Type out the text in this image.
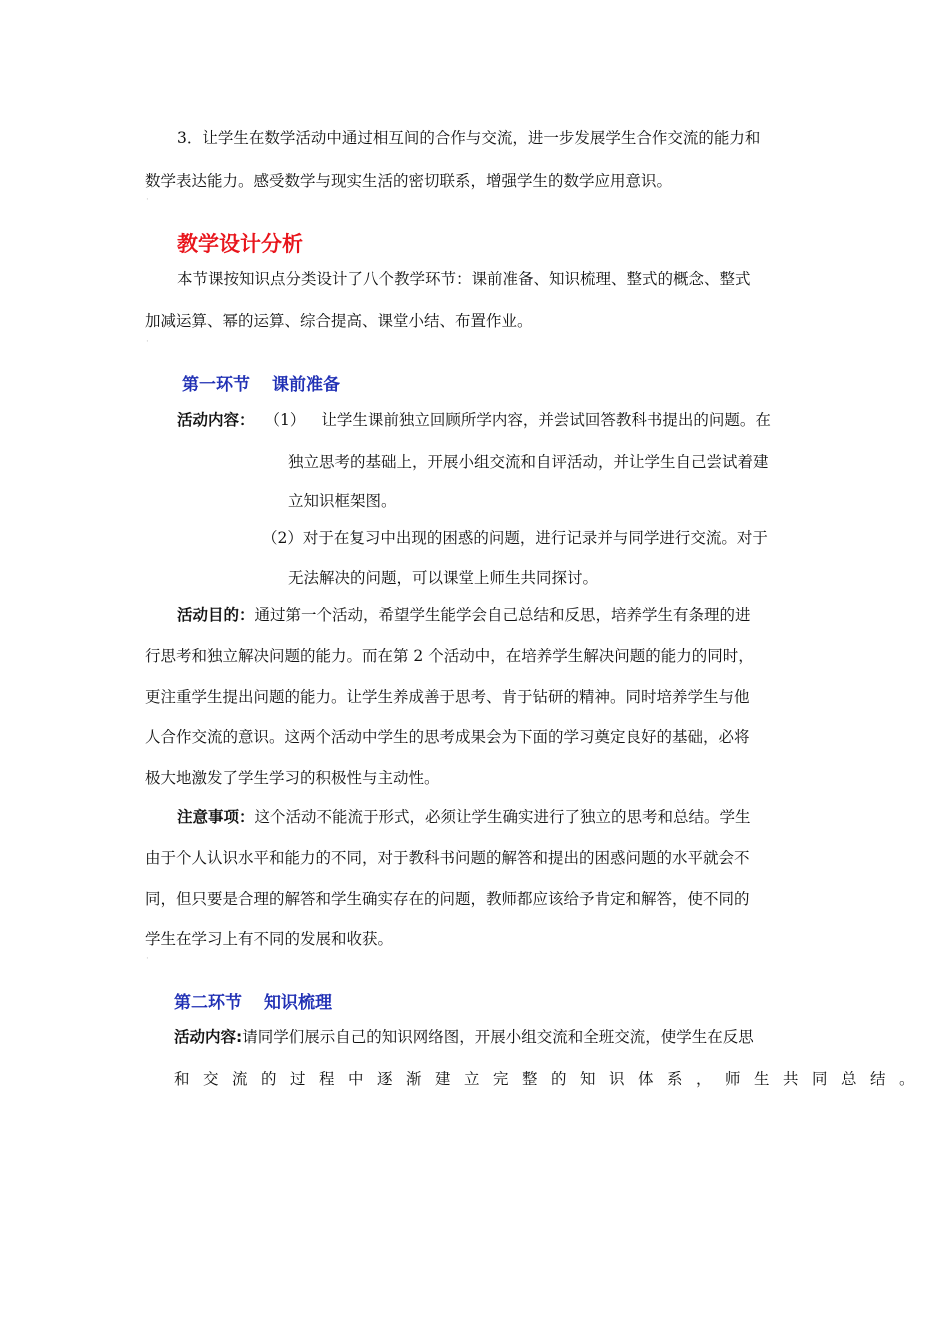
3．让学生在数学活动中通过相互间的合作与交流，进一步发展学生合作交流的能力和
数学表达能力。感受数学与现实生活的密切联系，增强学生的数学应用意识。
·
教学设计分析
本节课按知识点分类设计了八个教学环节：课前准备、知识梳理、整式的概念、整式
加减运算、幂的运算、综合提高、课堂小结、布置作业。
·
第一环节 课前准备
活动内容： （1） 让学生课前独立回顾所学内容，并尝试回答教科书提出的问题。在
独立思考的基础上，开展小组交流和自评活动，并让学生自己尝试着建
立知识框架图。
（2）对于在复习中出现的困惑的问题，进行记录并与同学进行交流。对于
无法解决的问题，可以课堂上师生共同探讨。
活动目的：通过第一个活动，希望学生能学会自己总结和反思，培养学生有条理的进
行思考和独立解决问题的能力。而在第 2 个活动中，在培养学生解决问题的能力的同时，
更注重学生提出问题的能力。让学生养成善于思考、肯于钻研的精神。同时培养学生与他
人合作交流的意识。这两个活动中学生的思考成果会为下面的学习奠定良好的基础，必将
极大地激发了学生学习的积极性与主动性。
注意事项：这个活动不能流于形式，必须让学生确实进行了独立的思考和总结。学生
由于个人认识水平和能力的不同，对于教科书问题的解答和提出的困惑问题的水平就会不
同，但只要是合理的解答和学生确实存在的问题，教师都应该给予肯定和解答，使不同的
学生在学习上有不同的发展和收获。
·
第二环节 知识梳理
活动内容:请同学们展示自己的知识网络图，开展小组交流和全班交流，使学生在反思
和交流的过程中逐渐建立完整的知识体系，师生共同总结。
